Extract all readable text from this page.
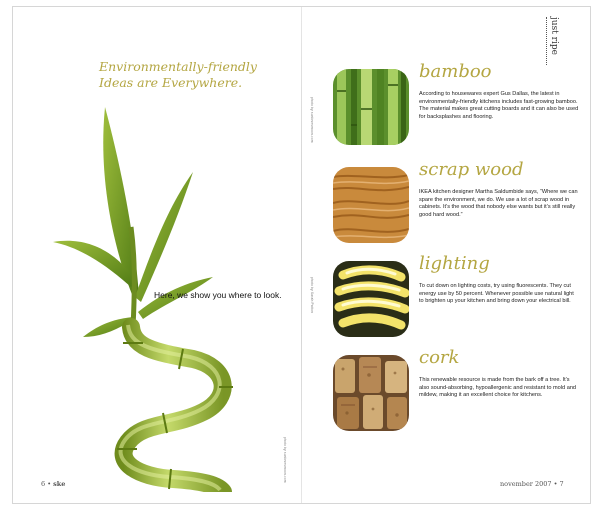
Environmentally-friendly
Ideas are Everywhere.
Here, we show you where to look.
photo by sunlovesmoon.com
6 • ske
just ripe
photo by sunlovesmoon.com
photo by Sarah Patton
bamboo

According to housewares expert Gus Dallas, the latest in environmentally-friendly kitchens includes fast-growing bamboo. The material makes great cutting boards and it can also be used for backsplashes and flooring.

scrap wood

IKEA kitchen designer Martha Saldumbide says, “Where we can spare the environment, we do. We use a lot of scrap wood in cabinets. It’s the wood that nobody else wants but it’s still really good hard wood.”

lighting

To cut down on lighting costs, try using fluorescents. They cut energy use by 50 percent. Whenever possible use natural light to brighten up your kitchen and bring down your electrical bill.

cork

This renewable resource is made from the bark off a tree. It’s also sound-absorbing, hypoallergenic and resistant to mold and mildew, making it an excellent choice for kitchens.

november 2007 • 7
